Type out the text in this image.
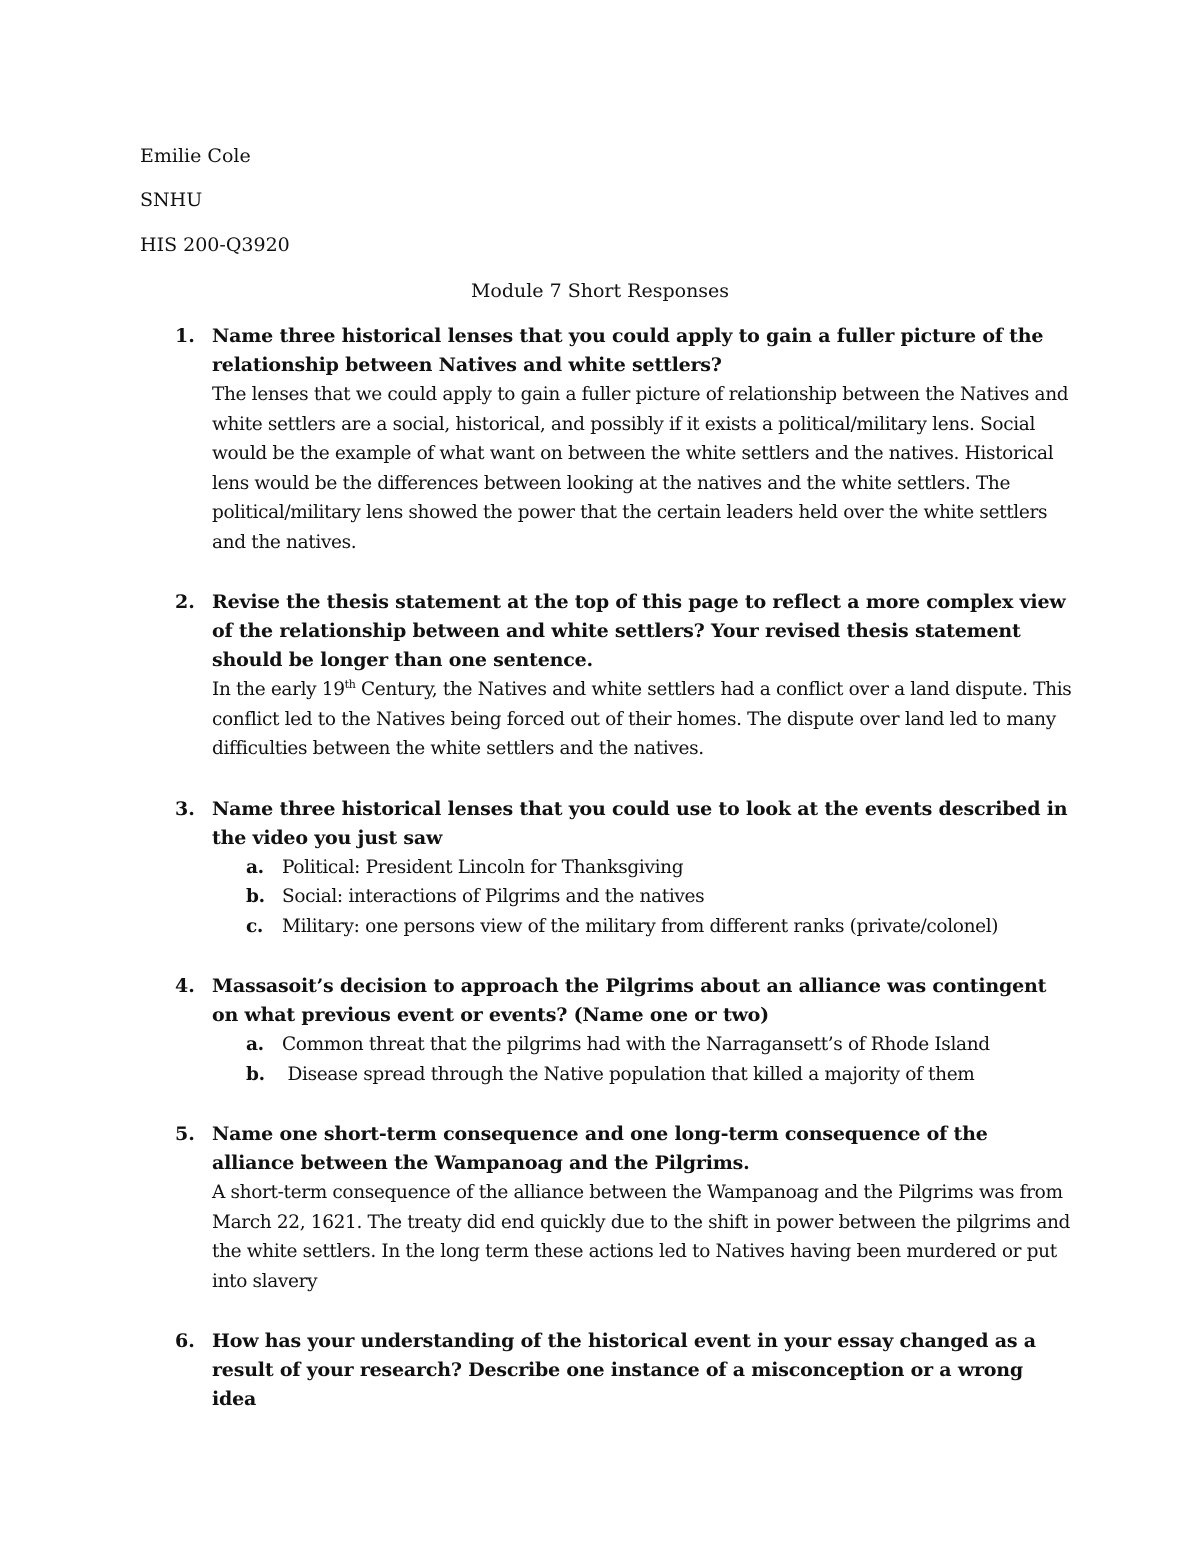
Emilie Cole
SNHU
HIS 200-Q3920
Module 7 Short Responses
1. Name three historical lenses that you could apply to gain a fuller picture of the relationship between Natives and white settlers?
The lenses that we could apply to gain a fuller picture of relationship between the Natives and white settlers are a social, historical, and possibly if it exists a political/military lens. Social would be the example of what want on between the white settlers and the natives. Historical lens would be the differences between looking at the natives and the white settlers. The political/military lens showed the power that the certain leaders held over the white settlers and the natives.
2. Revise the thesis statement at the top of this page to reflect a more complex view of the relationship between and white settlers? Your revised thesis statement should be longer than one sentence.
In the early 19th Century, the Natives and white settlers had a conflict over a land dispute. This conflict led to the Natives being forced out of their homes. The dispute over land led to many difficulties between the white settlers and the natives.
3. Name three historical lenses that you could use to look at the events described in the video you just saw
a. Political: President Lincoln for Thanksgiving
b. Social: interactions of Pilgrims and the natives
c. Military: one persons view of the military from different ranks (private/colonel)
4. Massasoit’s decision to approach the Pilgrims about an alliance was contingent on what previous event or events? (Name one or two)
a. Common threat that the pilgrims had with the Narragansett’s of Rhode Island
b. Disease spread through the Native population that killed a majority of them
5. Name one short-term consequence and one long-term consequence of the alliance between the Wampanoag and the Pilgrims.
A short-term consequence of the alliance between the Wampanoag and the Pilgrims was from March 22, 1621. The treaty did end quickly due to the shift in power between the pilgrims and the white settlers. In the long term these actions led to Natives having been murdered or put into slavery
6. How has your understanding of the historical event in your essay changed as a result of your research? Describe one instance of a misconception or a wrong idea
